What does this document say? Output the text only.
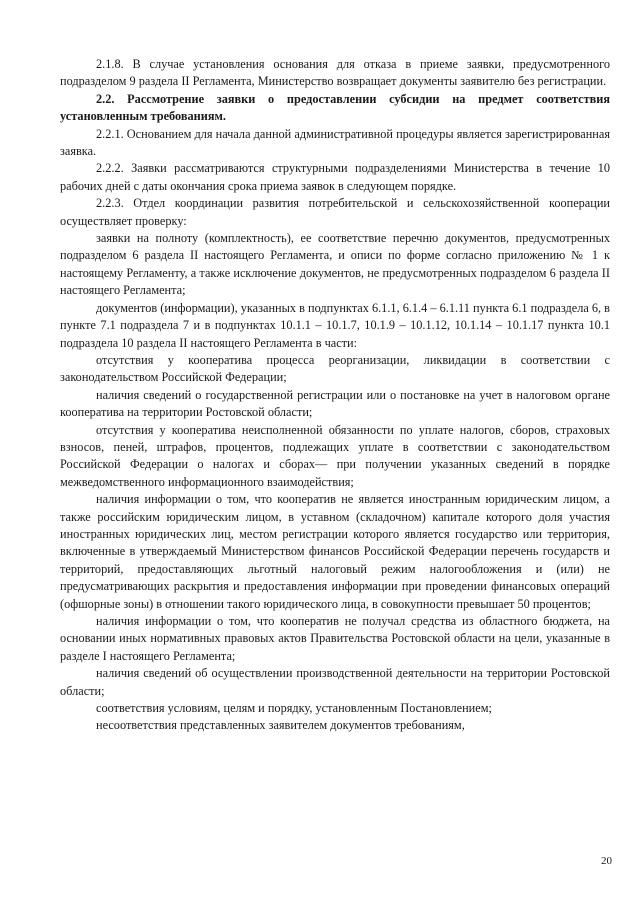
2.1.8. В случае установления основания для отказа в приеме заявки, предусмотренного подразделом 9 раздела II Регламента, Министерство возвращает документы заявителю без регистрации.

2.2. Рассмотрение заявки о предоставлении субсидии на предмет соответствия установленным требованиям.

2.2.1. Основанием для начала данной административной процедуры является зарегистрированная заявка.

2.2.2. Заявки рассматриваются структурными подразделениями Министерства в течение 10 рабочих дней с даты окончания срока приема заявок в следующем порядке.

2.2.3. Отдел координации развития потребительской и сельскохозяйственной кооперации осуществляет проверку:

заявки на полноту (комплектность), ее соответствие перечню документов, предусмотренных подразделом 6 раздела II настоящего Регламента, и описи по форме согласно приложению № 1 к настоящему Регламенту, а также исключение документов, не предусмотренных подразделом 6 раздела II настоящего Регламента;

документов (информации), указанных в подпунктах 6.1.1, 6.1.4 – 6.1.11 пункта 6.1 подраздела 6, в пункте 7.1 подраздела 7 и в подпунктах 10.1.1 – 10.1.7, 10.1.9 – 10.1.12, 10.1.14 – 10.1.17 пункта 10.1 подраздела 10 раздела II настоящего Регламента в части:

отсутствия у кооператива процесса реорганизации, ликвидации в соответствии с законодательством Российской Федерации;

наличия сведений о государственной регистрации или о постановке на учет в налоговом органе кооператива на территории Ростовской области;

отсутствия у кооператива неисполненной обязанности по уплате налогов, сборов, страховых взносов, пеней, штрафов, процентов, подлежащих уплате в соответствии с законодательством Российской Федерации о налогах и сборах— при получении указанных сведений в порядке межведомственного информационного взаимодействия;

наличия информации о том, что кооператив не является иностранным юридическим лицом, а также российским юридическим лицом, в уставном (складочном) капитале которого доля участия иностранных юридических лиц, местом регистрации которого является государство или территория, включенные в утверждаемый Министерством финансов Российской Федерации перечень государств и территорий, предоставляющих льготный налоговый режим налогообложения и (или) не предусматривающих раскрытия и предоставления информации при проведении финансовых операций (офшорные зоны) в отношении такого юридического лица, в совокупности превышает 50 процентов;

наличия информации о том, что кооператив не получал средства из областного бюджета, на основании иных нормативных правовых актов Правительства Ростовской области на цели, указанные в разделе I настоящего Регламента;

наличия сведений об осуществлении производственной деятельности на территории Ростовской области;

соответствия условиям, целям и порядку, установленным Постановлением;

несоответствия представленных заявителем документов требованиям,

20
